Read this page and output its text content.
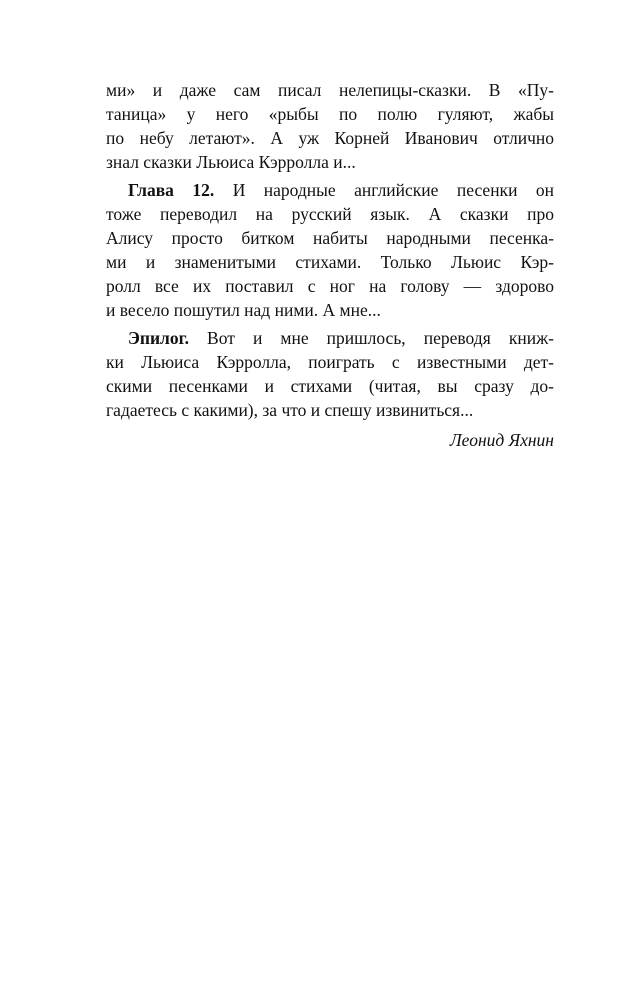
ми» и даже сам писал нелепицы-сказки. В «Пу-
таница» у него «рыбы по полю гуляют, жабы
по небу летают». А уж Корней Иванович отлично
знал сказки Льюиса Кэрролла и...
Глава 12. И народные английские песенки он
тоже переводил на русский язык. А сказки про
Алису просто битком набиты народными песенка-
ми и знаменитыми стихами. Только Льюис Кэр-
ролл все их поставил с ног на голову — здорово
и весело пошутил над ними. А мне...
Эпилог. Вот и мне пришлось, переводя книж-
ки Льюиса Кэрролла, поиграть с известными дет-
скими песенками и стихами (читая, вы сразу до-
гадаетесь с какими), за что и спешу извиниться...
Леонид Яхнин
